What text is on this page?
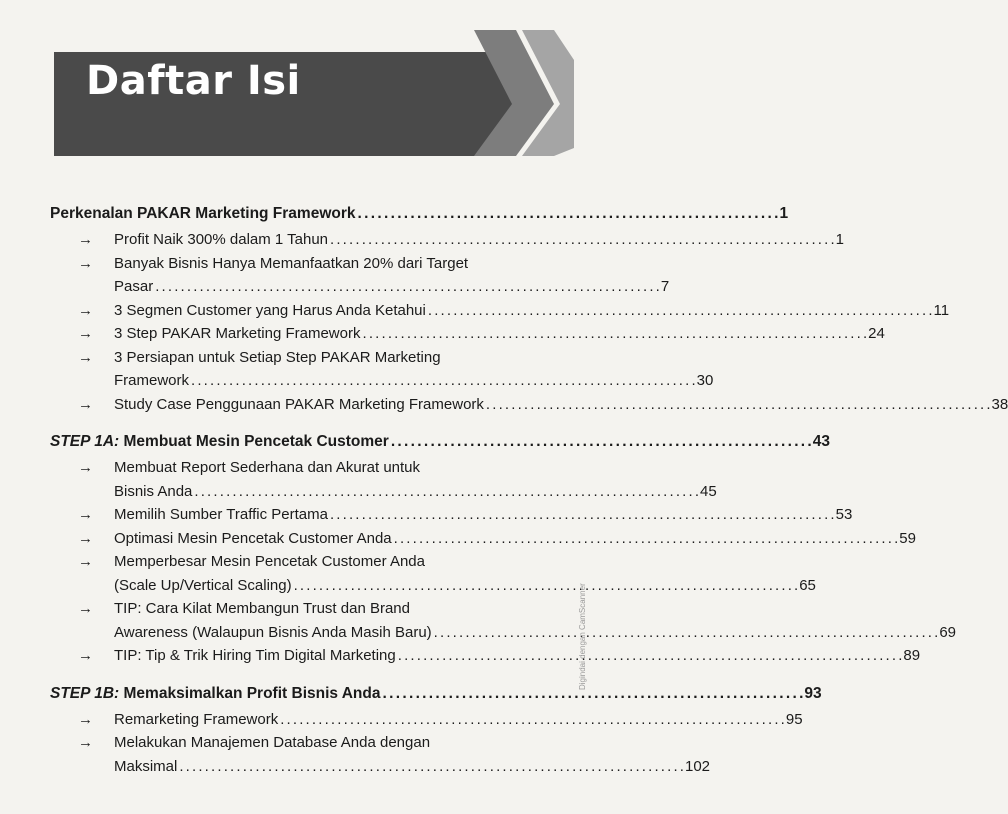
Daftar Isi
Perkenalan PAKAR Marketing Framework . . .	1
→	Profit Naik 300% dalam 1 Tahun . . .	1
→	Banyak Bisnis Hanya Memanfaatkan 20% dari Target
Pasar . . .	7
→	3 Segmen Customer yang Harus Anda Ketahui . . .	11
→	3 Step PAKAR Marketing Framework . . .	24
→	3 Persiapan untuk Setiap Step PAKAR Marketing
Framework . . .	30
→	Study Case Penggunaan PAKAR Marketing Framework . . .	38
STEP 1A:
Membuat Mesin Pencetak Customer . . .	43
→	Membuat Report Sederhana dan Akurat untuk
Bisnis Anda . . .	45
→	Memilih Sumber Traffic Pertama . . .	53
→	Optimasi Mesin Pencetak Customer Anda . . .	59
→	Memperbesar Mesin Pencetak Customer Anda
(Scale Up/Vertical Scaling) . . .	65
→	TIP: Cara Kilat Membangun Trust dan Brand
Awareness (Walaupun Bisnis Anda Masih Baru) . . .	69
→	TIP: Tip & Trik Hiring Tim Digital Marketing . . .	89
STEP 1B:
Memaksimalkan Profit Bisnis Anda . . .	93
→	Remarketing Framework . . .	95
→	Melakukan Manajemen Database Anda dengan
Maksimal . . .	102
Digindai dengan CamScanner
